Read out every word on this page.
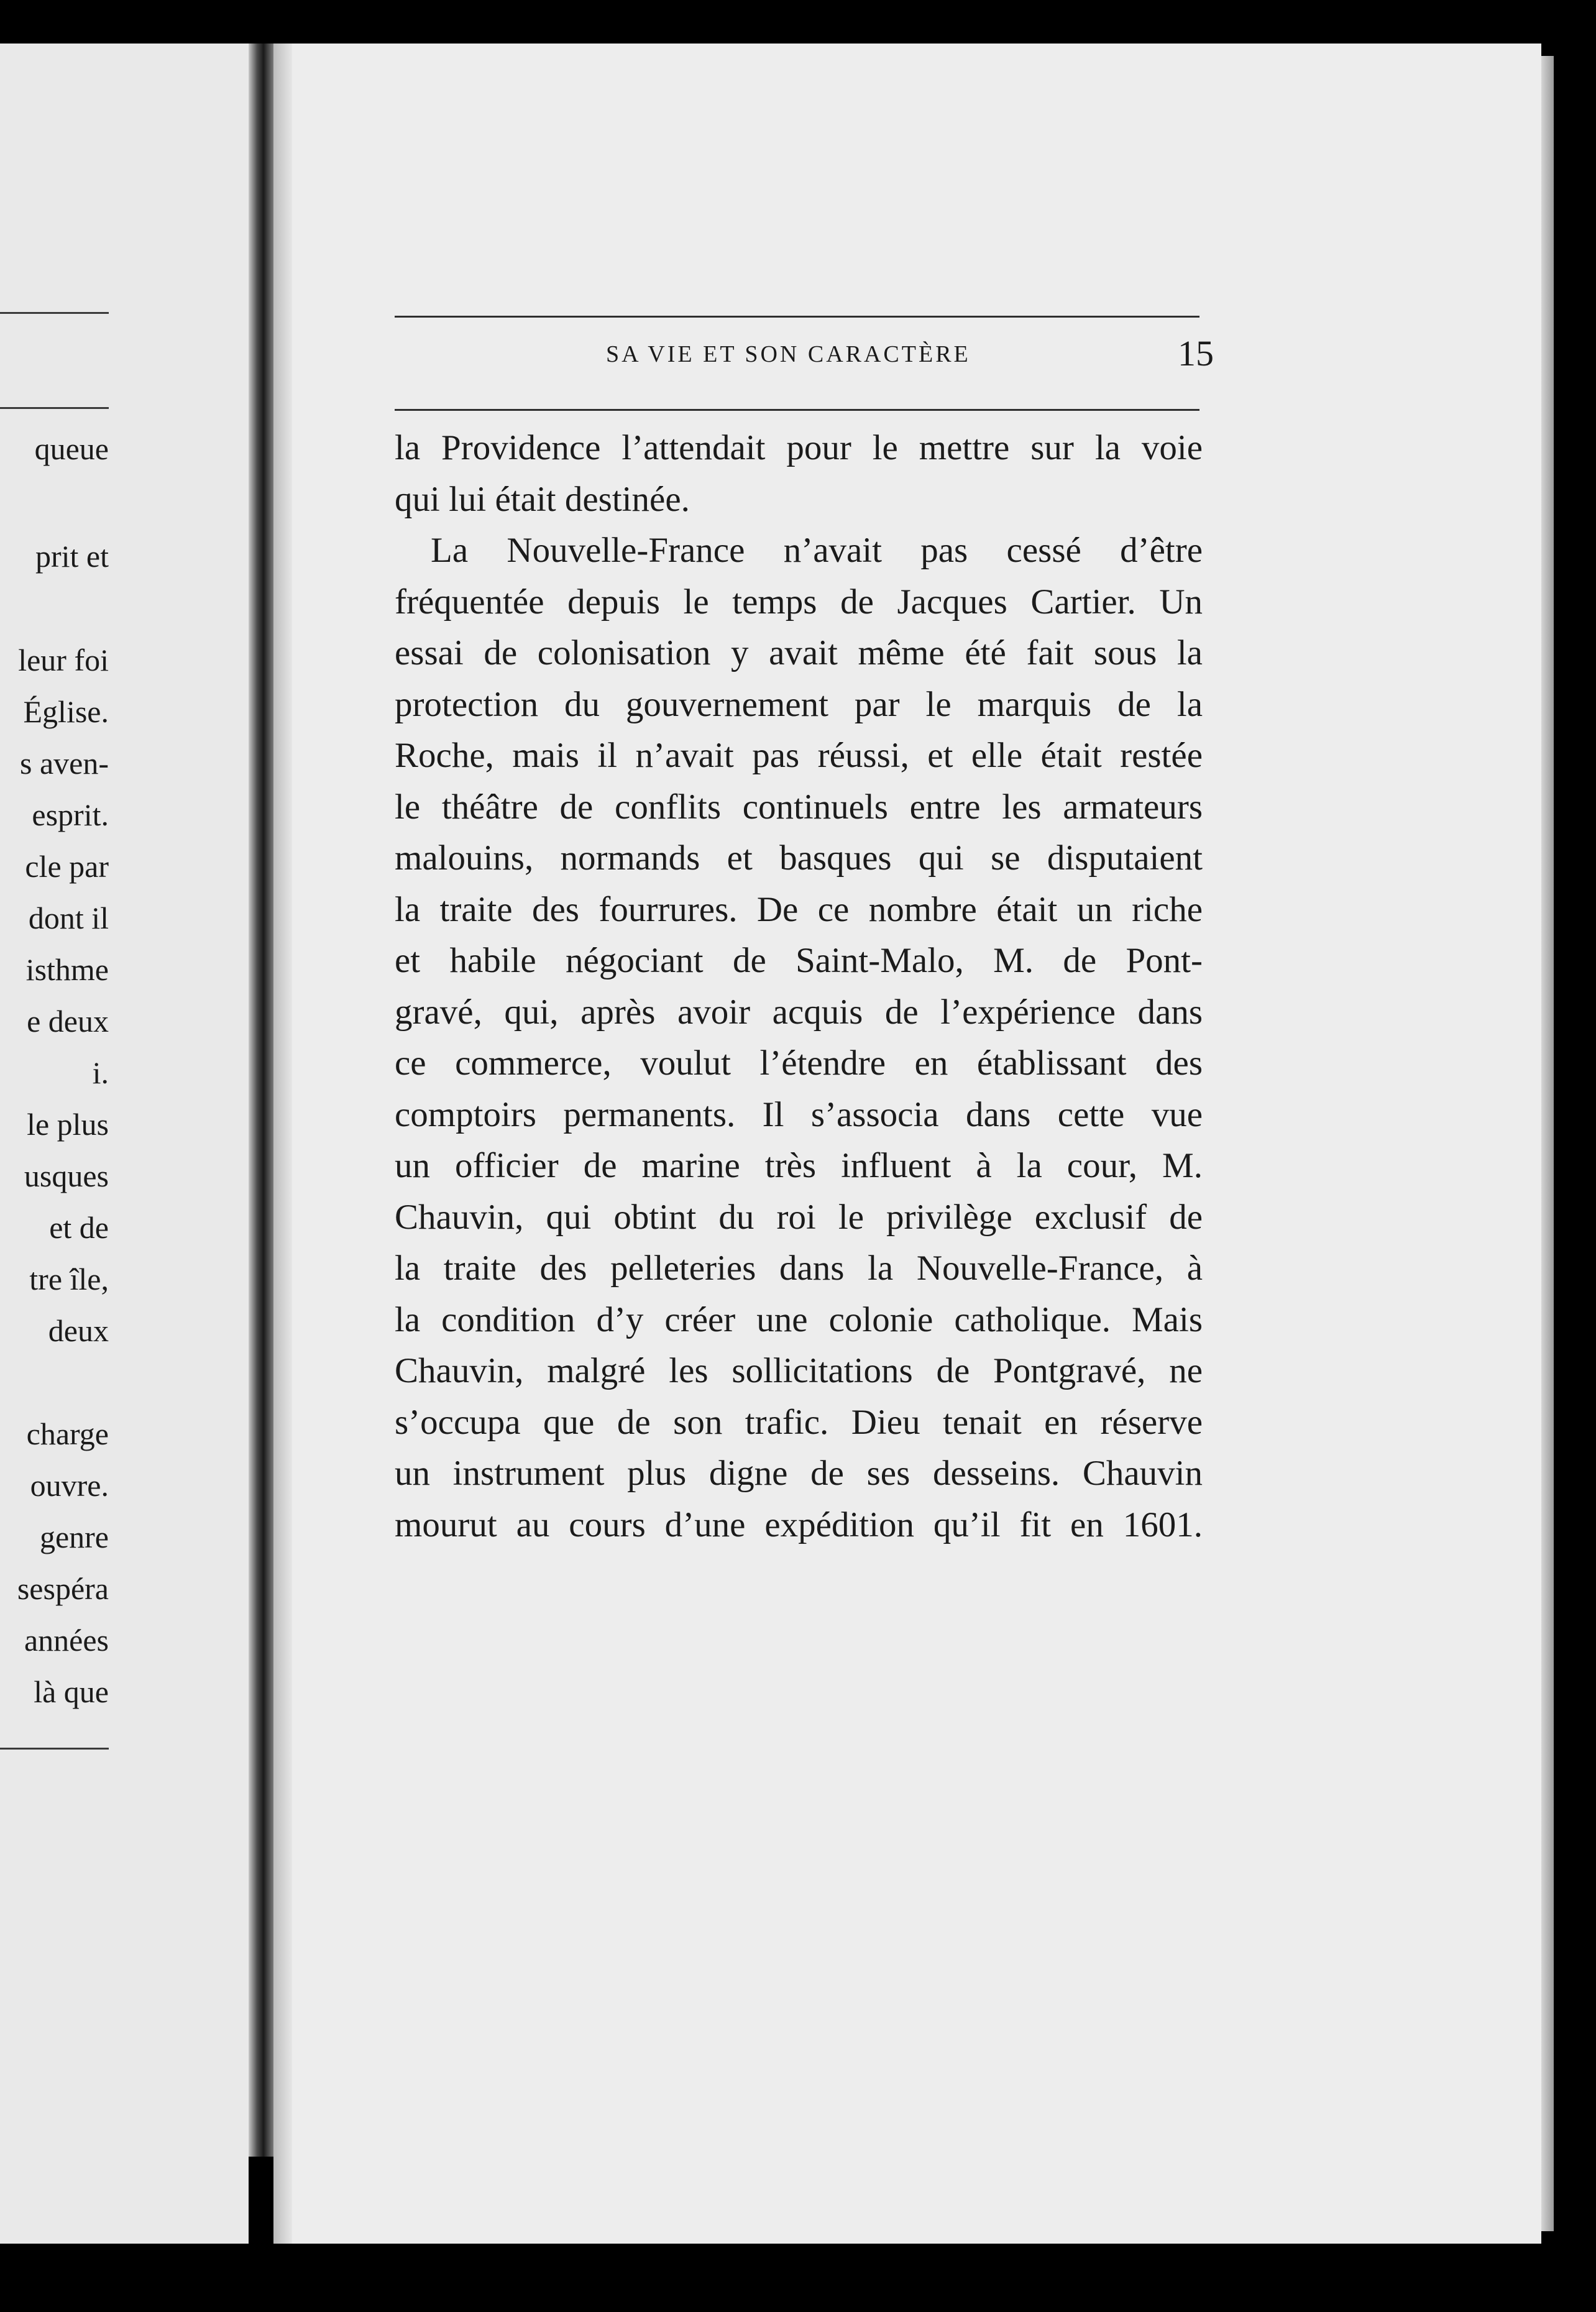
queue
prit et
leur foi
Église.
s aven-
esprit.
cle par
dont il
isthme
e deux
i.
le plus
usques
et de
tre île,
deux
charge
ouvre.
genre
sespéra
années
là que
SA VIE ET SON CARACTÈRE	15
la Providence l’attendait pour le mettre sur la voie
qui lui était destinée.
La Nouvelle-France n’avait pas cessé d’être
fréquentée depuis le temps de Jacques Cartier. Un
essai de colonisation y avait même été fait sous la
protection du gouvernement par le marquis de la
Roche, mais il n’avait pas réussi, et elle était restée
le théâtre de conflits continuels entre les armateurs
malouins, normands et basques qui se disputaient
la traite des fourrures. De ce nombre était un riche
et habile négociant de Saint-Malo, M. de Pont-
gravé, qui, après avoir acquis de l’expérience dans
ce commerce, voulut l’étendre en établissant des
comptoirs permanents. Il s’associa dans cette vue
un officier de marine très influent à la cour, M.
Chauvin, qui obtint du roi le privilège exclusif de
la traite des pelleteries dans la Nouvelle-France, à
la condition d’y créer une colonie catholique. Mais
Chauvin, malgré les sollicitations de Pontgravé, ne
s’occupa que de son trafic. Dieu tenait en réserve
un instrument plus digne de ses desseins. Chauvin
mourut au cours d’une expédition qu’il fit en 1601.
